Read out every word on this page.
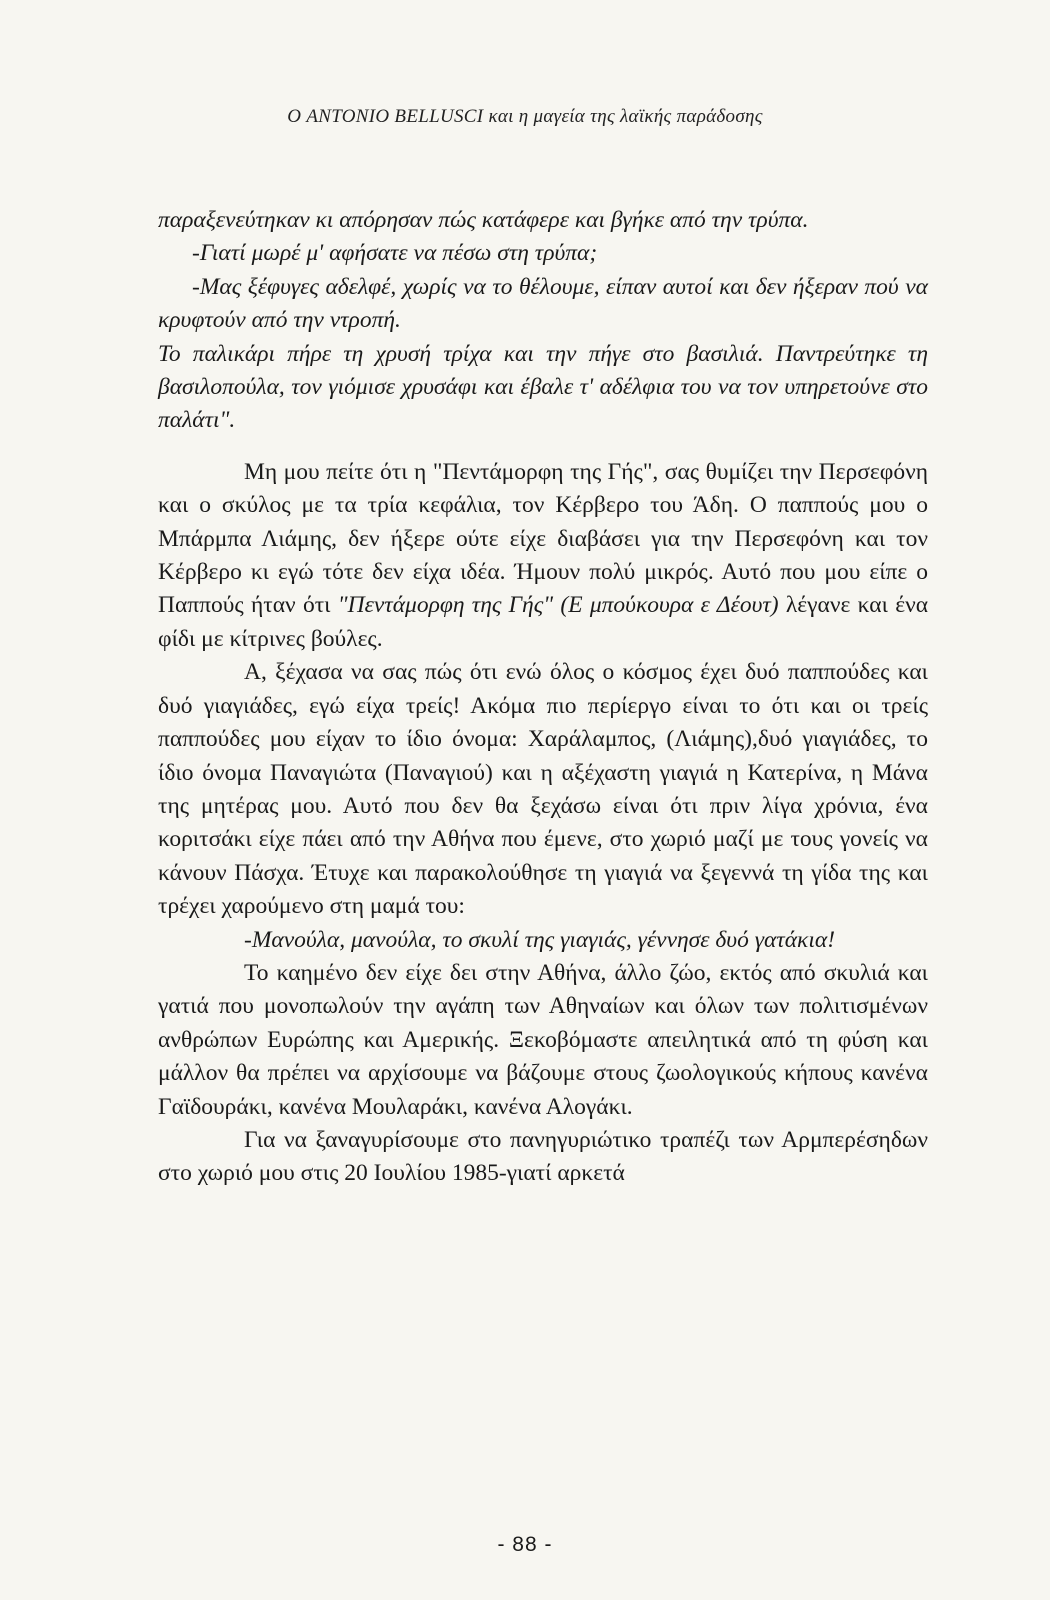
Ο ANTONIO BELLUSCI και η μαγεία της λαϊκής παράδοσης

παραξενεύτηκαν κι απόρησαν πώς κατάφερε και βγήκε από την τρύπα.

-Γιατί μωρέ μ' αφήσατε να πέσω στη τρύπα;

-Μας ξέφυγες αδελφέ, χωρίς να το θέλουμε, είπαν αυτοί και δεν ήξεραν πού να κρυφτούν από την ντροπή.

Το παλικάρι πήρε τη χρυσή τρίχα και την πήγε στο βασιλιά. Παντρεύτηκε τη βασιλοπούλα, τον γιόμισε χρυσάφι και έβαλε τ' αδέλφια του να τον υπηρετούνε στο παλάτι".

Μη μου πείτε ότι η "Πεντάμορφη της Γής", σας θυμίζει την Περσεφόνη και ο σκύλος με τα τρία κεφάλια, τον Κέρβερο του Άδη. Ο παππούς μου ο Μπάρμπα Λιάμης, δεν ήξερε ούτε είχε διαβάσει για την Περσεφόνη και τον Κέρβερο κι εγώ τότε δεν είχα ιδέα. Ήμουν πολύ μικρός. Αυτό που μου είπε ο Παππούς ήταν ότι "Πεντάμορφη της Γής" (Ε μπούκουρα ε Δέουτ) λέγανε και ένα φίδι με κίτρινες βούλες.

Α, ξέχασα να σας πώς ότι ενώ όλος ο κόσμος έχει δυό παππούδες και δυό γιαγιάδες, εγώ είχα τρείς! Ακόμα πιο περίεργο είναι το ότι και οι τρείς παππούδες μου είχαν το ίδιο όνομα: Χαράλαμπος, (Λιάμης),δυό γιαγιάδες, το ίδιο όνομα Παναγιώτα (Παναγιού) και η αξέχαστη γιαγιά η Κατερίνα, η Μάνα της μητέρας μου. Αυτό που δεν θα ξεχάσω είναι ότι πριν λίγα χρόνια, ένα κοριτσάκι είχε πάει από την Αθήνα που έμενε, στο χωριό μαζί με τους γονείς να κάνουν Πάσχα. Έτυχε και παρακολούθησε τη γιαγιά να ξεγεννά τη γίδα της και τρέχει χαρούμενο στη μαμά του:

-Μανούλα, μανούλα, το σκυλί της γιαγιάς, γέννησε δυό γατάκια!

Το καημένο δεν είχε δει στην Αθήνα, άλλο ζώο, εκτός από σκυλιά και γατιά που μονοπωλούν την αγάπη των Αθηναίων και όλων των πολιτισμένων ανθρώπων Ευρώπης και Αμερικής. Ξεκοβόμαστε απειλητικά από τη φύση και μάλλον θα πρέπει να αρχίσουμε να βάζουμε στους ζωολογικούς κήπους κανένα Γαϊδουράκι, κανένα Μουλαράκι, κανένα Αλογάκι.

Για να ξαναγυρίσουμε στο πανηγυριώτικο τραπέζι των Αρμπερέσηδων στο χωριό μου στις 20 Ιουλίου 1985-γιατί αρκετά

- 88 -
